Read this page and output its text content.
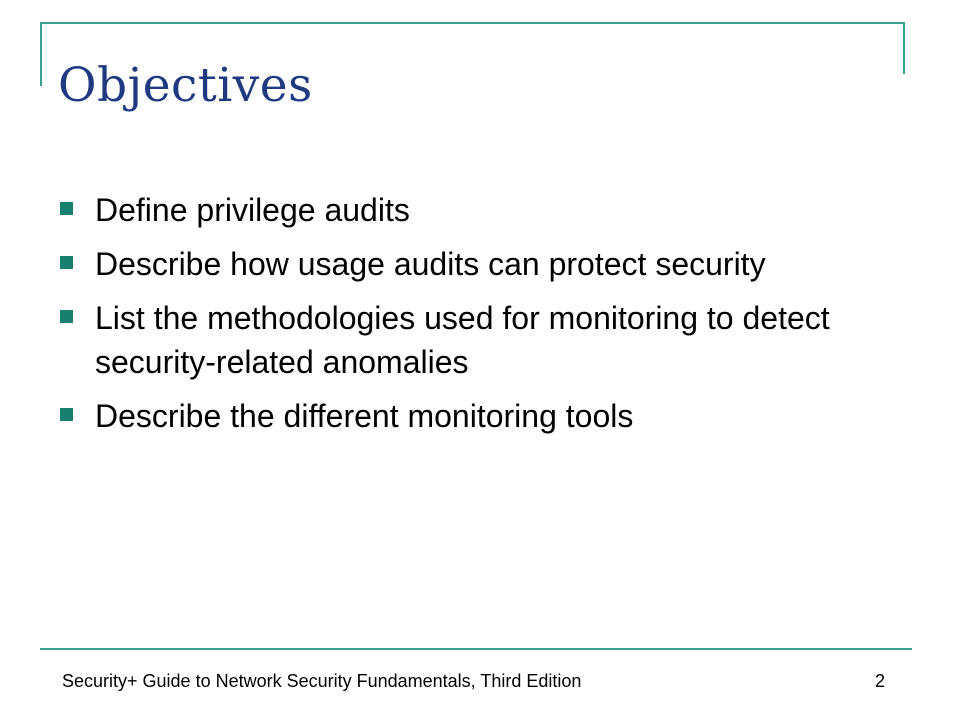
Objectives
Define privilege audits
Describe how usage audits can protect security
List the methodologies used for monitoring to detect security-related anomalies
Describe the different monitoring tools
Security+ Guide to Network Security Fundamentals, Third Edition	2
